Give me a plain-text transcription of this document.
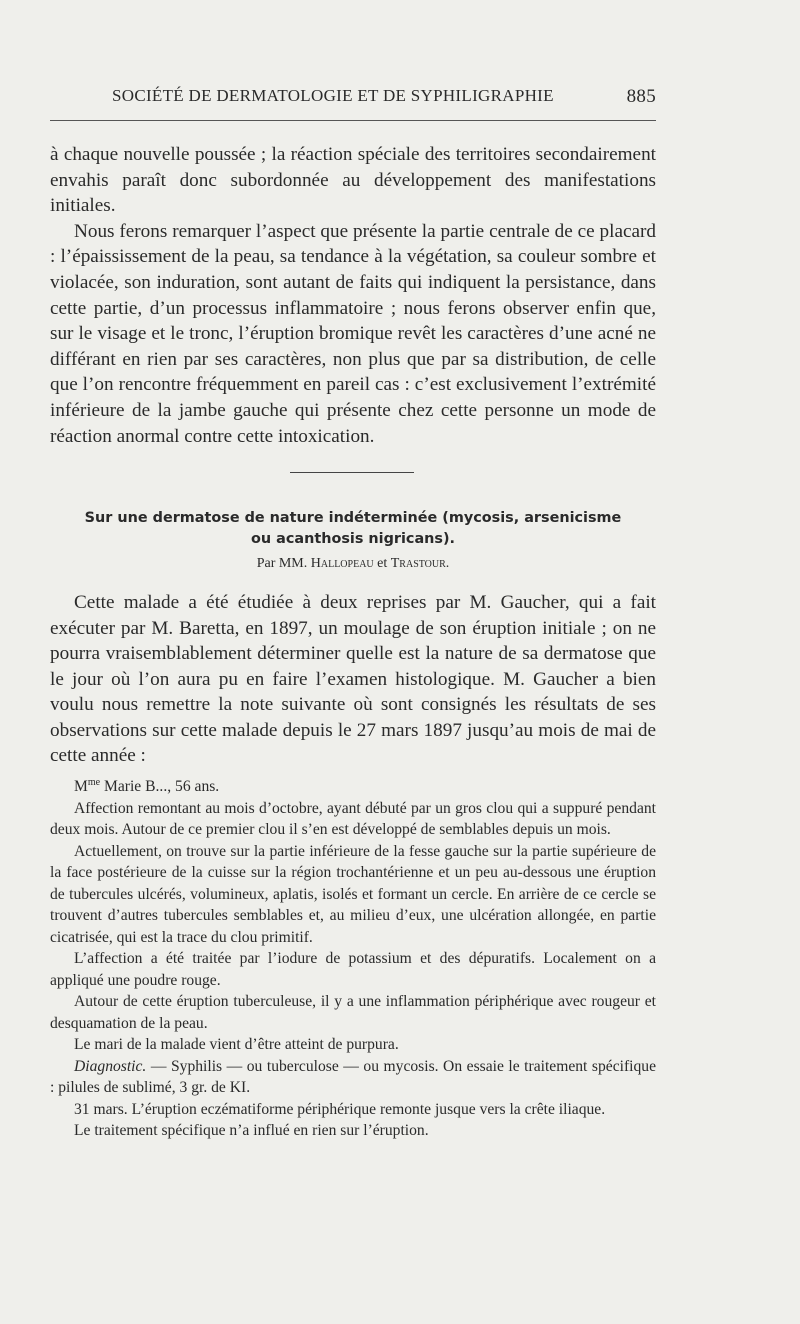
SOCIÉTÉ DE DERMATOLOGIE ET DE SYPHILIGRAPHIE	885

à chaque nouvelle poussée ; la réaction spéciale des territoires secondairement envahis paraît donc subordonnée au développement des manifestations initiales.

Nous ferons remarquer l’aspect que présente la partie centrale de ce placard : l’épaississement de la peau, sa tendance à la végétation, sa couleur sombre et violacée, son induration, sont autant de faits qui indiquent la persistance, dans cette partie, d’un processus inflammatoire ; nous ferons observer enfin que, sur le visage et le tronc, l’éruption bromique revêt les caractères d’une acné ne différant en rien par ses caractères, non plus que par sa distribution, de celle que l’on rencontre fréquemment en pareil cas : c’est exclusivement l’extrémité inférieure de la jambe gauche qui présente chez cette personne un mode de réaction anormal contre cette intoxication.

Sur une dermatose de nature indéterminée (mycosis, arsenicisme
ou acanthosis nigricans).
Par MM. Hallopeau et Trastour.

Cette malade a été étudiée à deux reprises par M. Gaucher, qui a fait exécuter par M. Baretta, en 1897, un moulage de son éruption initiale ; on ne pourra vraisemblablement déterminer quelle est la nature de sa dermatose que le jour où l’on aura pu en faire l’examen histologique. M. Gaucher a bien voulu nous remettre la note suivante où sont consignés les résultats de ses observations sur cette malade depuis le 27 mars 1897 jusqu’au mois de mai de cette année :

$M^{me}$ Marie B..., 56 ans.

Affection remontant au mois d’octobre, ayant débuté par un gros clou qui a suppuré pendant deux mois. Autour de ce premier clou il s’en est développé de semblables depuis un mois.

Actuellement, on trouve sur la partie inférieure de la fesse gauche sur la partie supérieure de la face postérieure de la cuisse sur la région trochantérienne et un peu au-dessous une éruption de tubercules ulcérés, volumineux, aplatis, isolés et formant un cercle. En arrière de ce cercle se trouvent d’autres tubercules semblables et, au milieu d’eux, une ulcération allongée, en partie cicatrisée, qui est la trace du clou primitif.

L’affection a été traitée par l’iodure de potassium et des dépuratifs. Localement on a appliqué une poudre rouge.

Autour de cette éruption tuberculeuse, il y a une inflammation périphérique avec rougeur et desquamation de la peau.

Le mari de la malade vient d’être atteint de purpura.

Diagnostic. — Syphilis — ou tuberculose — ou mycosis. On essaie le traitement spécifique : pilules de sublimé, 3 gr. de KI.

31 mars. L’éruption eczématiforme périphérique remonte jusque vers la crête iliaque.

Le traitement spécifique n’a influé en rien sur l’éruption.
